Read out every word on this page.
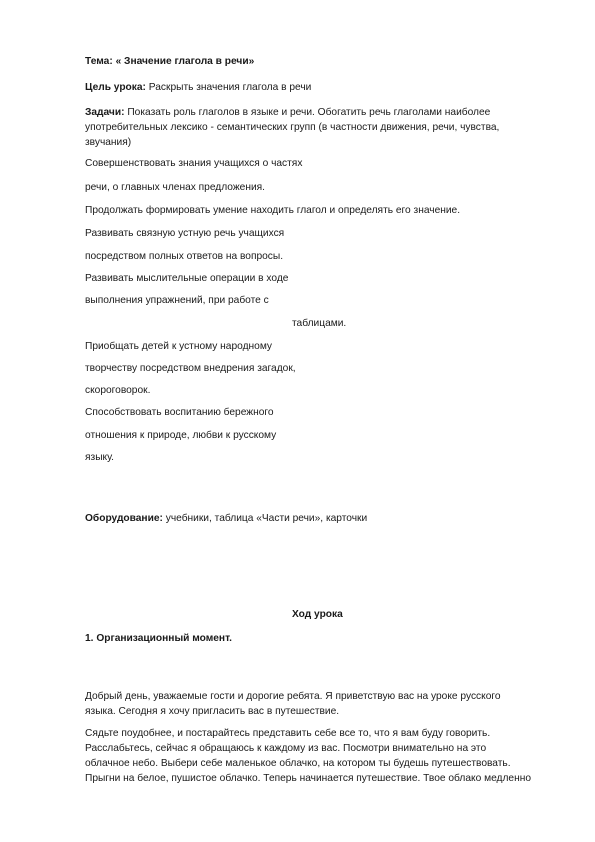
Тема: « Значение глагола в речи»
Цель урока: Раскрыть значения глагола в речи
Задачи: Показать роль глаголов в языке и речи. Обогатить речь глаголами наиболее
употребительных лексико - семантических групп (в частности движения, речи, чувства,
звучания)
Совершенствовать знания учащихся о частях
речи, о главных членах предложения.
Продолжать формировать умение находить глагол и определять его значение.
Развивать связную устную речь учащихся
посредством полных ответов на вопросы.
Развивать мыслительные операции в ходе
выполнения упражнений, при работе с
таблицами.
Приобщать детей к устному народному
творчеству посредством внедрения загадок,
скороговорок.
Способствовать воспитанию бережного
отношения к природе, любви к русскому
языку.
Оборудование: учебники, таблица «Части речи», карточки
Ход урока
1. Организационный момент.
Добрый день, уважаемые гости и дорогие ребята. Я приветствую вас на уроке русского
языка. Сегодня я хочу пригласить вас в путешествие.
Сядьте поудобнее, и постарайтесь представить себе все то, что я вам буду говорить.
Расслабьтесь, сейчас я обращаюсь к каждому из вас. Посмотри внимательно на это
облачное небо. Выбери себе маленькое облачко, на котором ты будешь путешествовать.
Прыгни на белое, пушистое облачко. Теперь начинается путешествие. Твое облако медленно
